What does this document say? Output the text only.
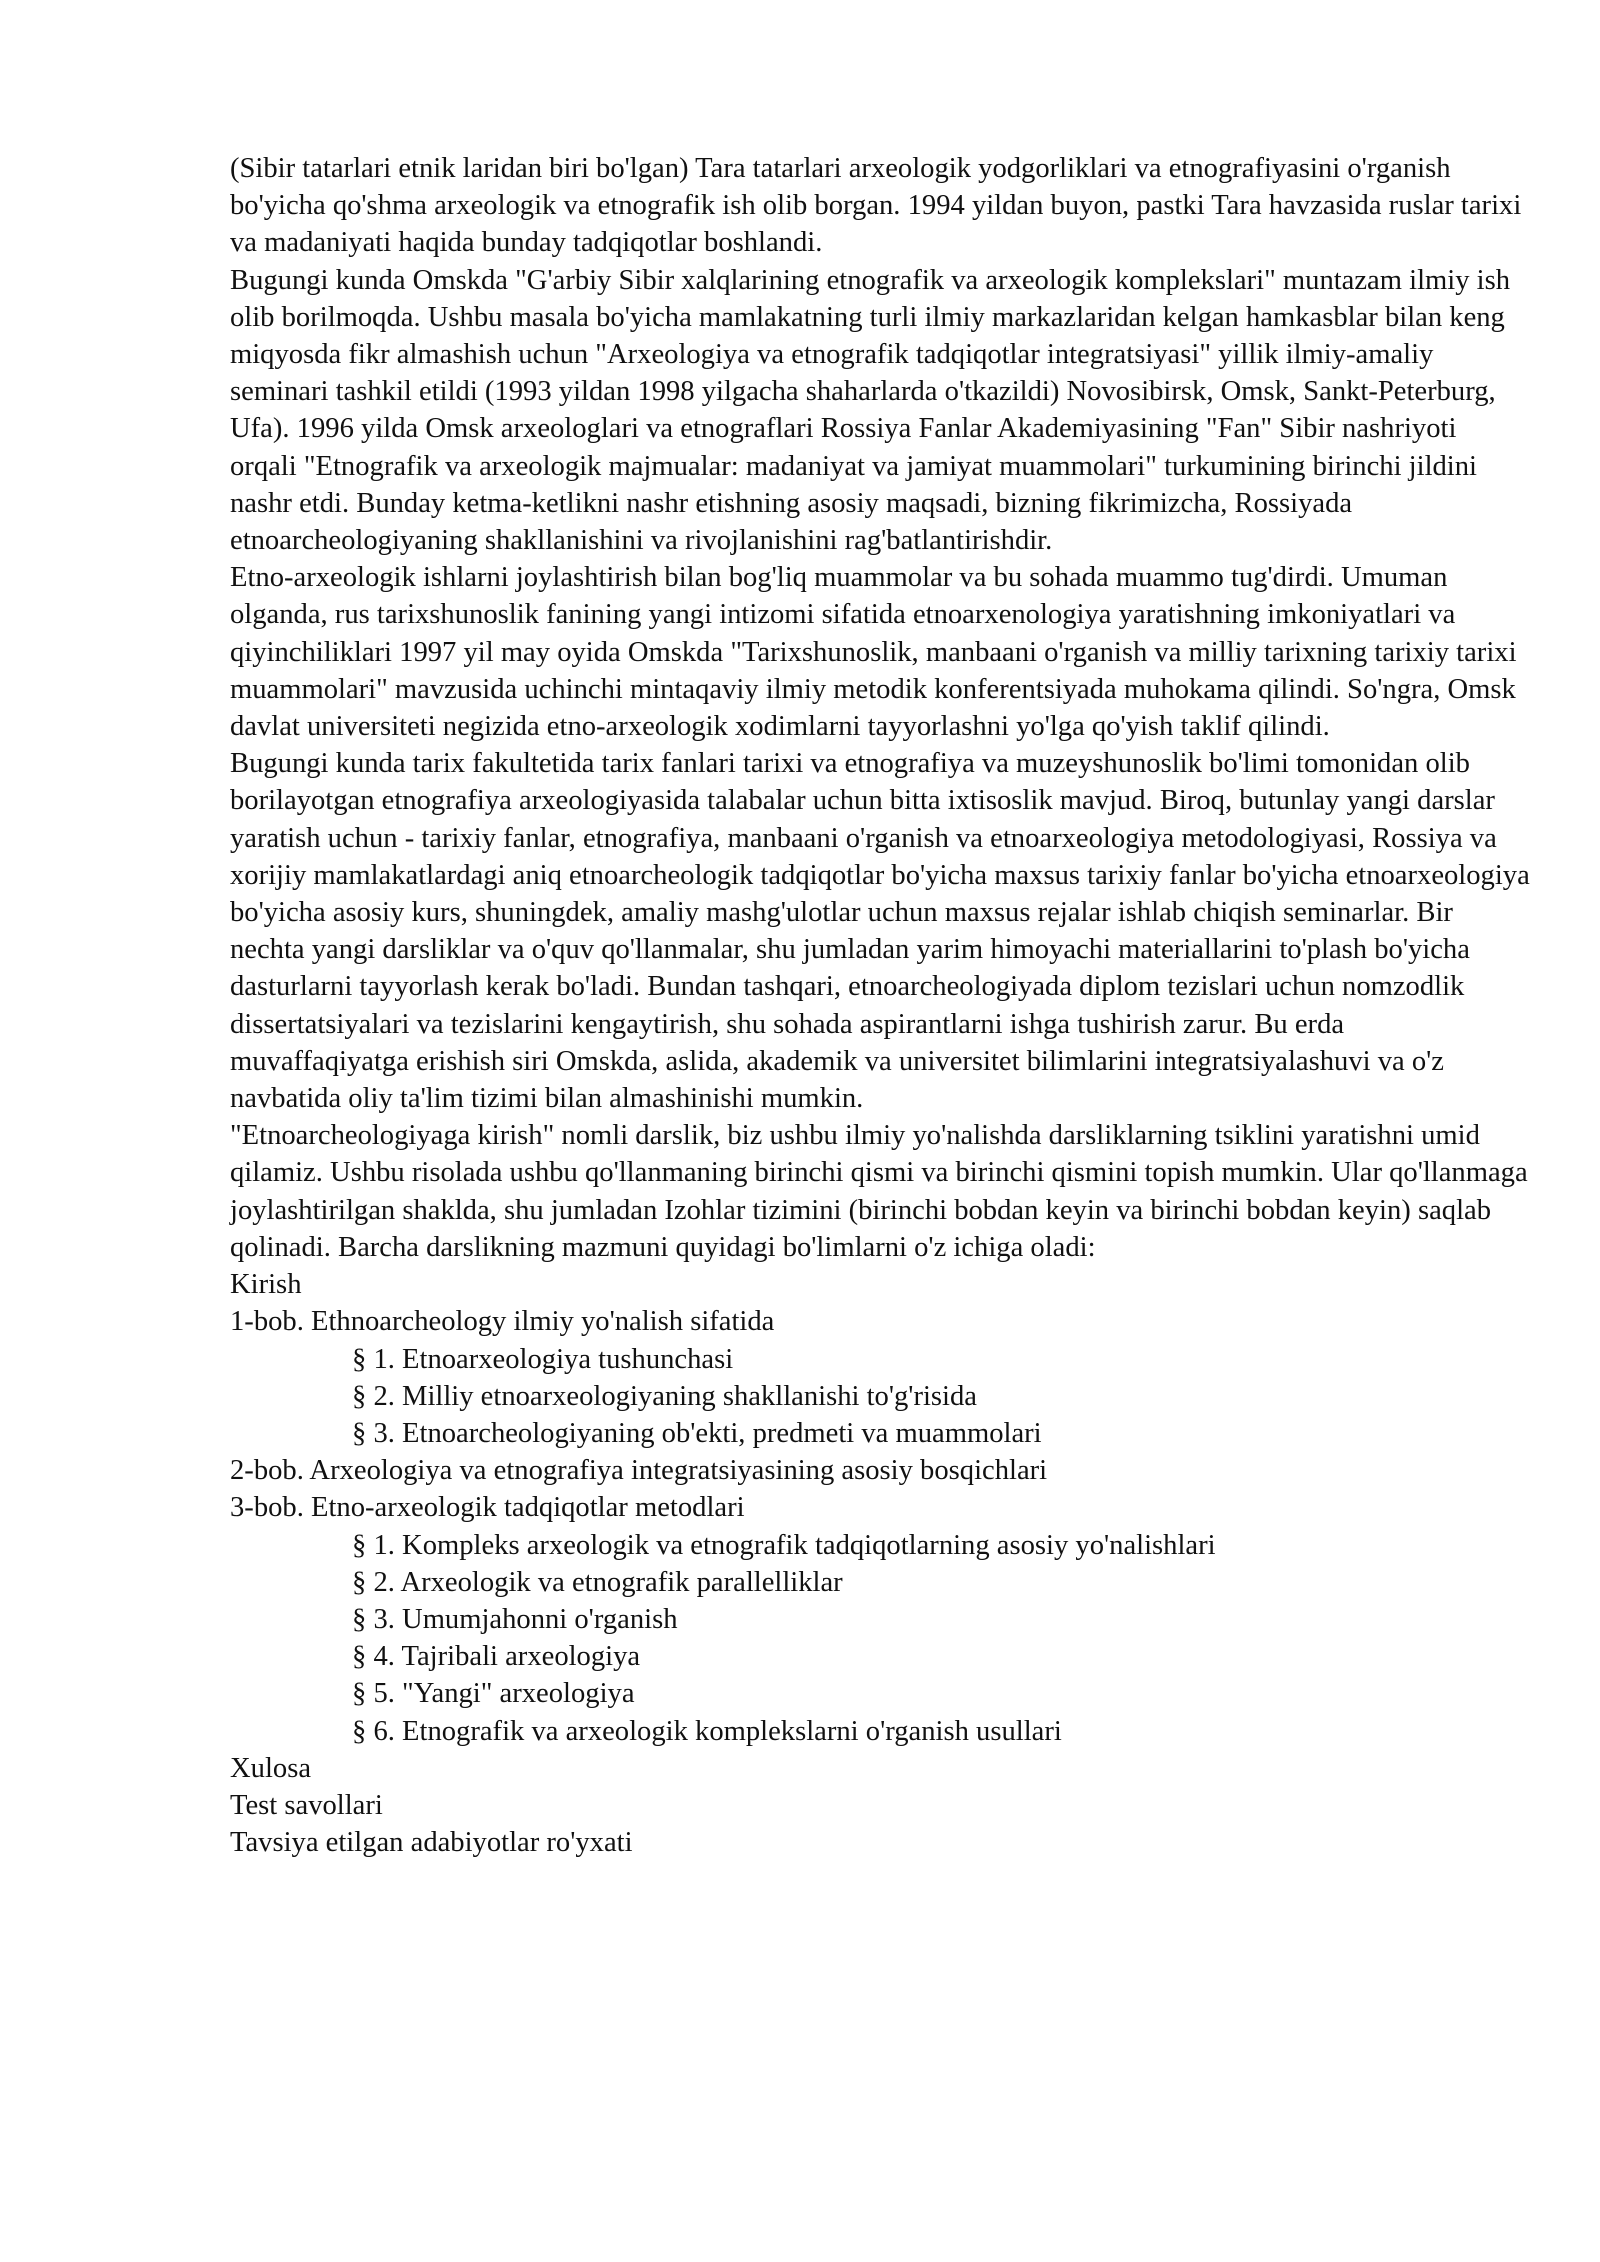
(Sibir tatarlari etnik laridan biri bo'lgan) Tara tatarlari arxeologik yodgorliklari va etnografiyasini o'rganish bo'yicha qo'shma arxeologik va etnografik ish olib borgan. 1994 yildan buyon, pastki Tara havzasida ruslar tarixi va madaniyati haqida bunday tadqiqotlar boshlandi.

Bugungi kunda Omskda "G'arbiy Sibir xalqlarining etnografik va arxeologik komplekslari" muntazam ilmiy ish olib borilmoqda. Ushbu masala bo'yicha mamlakatning turli ilmiy markazlaridan kelgan hamkasblar bilan keng miqyosda fikr almashish uchun "Arxeologiya va etnografik tadqiqotlar integratsiyasi" yillik ilmiy-amaliy seminari tashkil etildi (1993 yildan 1998 yilgacha shaharlarda o'tkazildi) Novosibirsk, Omsk, Sankt-Peterburg, Ufa). 1996 yilda Omsk arxeologlari va etnograflari Rossiya Fanlar Akademiyasining "Fan" Sibir nashriyoti orqali "Etnografik va arxeologik majmualar: madaniyat va jamiyat muammolari" turkumining birinchi jildini nashr etdi. Bunday ketma-ketlikni nashr etishning asosiy maqsadi, bizning fikrimizcha, Rossiyada etnoarcheologiyaning shakllanishini va rivojlanishini rag'batlantirishdir.

Etno-arxeologik ishlarni joylashtirish bilan bog'liq muammolar va bu sohada muammo tug'dirdi. Umuman olganda, rus tarixshunoslik fanining yangi intizomi sifatida etnoarxenologiya yaratishning imkoniyatlari va qiyinchiliklari 1997 yil may oyida Omskda "Tarixshunoslik, manbaani o'rganish va milliy tarixning tarixiy tarixi muammolari" mavzusida uchinchi mintaqaviy ilmiy metodik konferentsiyada muhokama qilindi. So'ngra, Omsk davlat universiteti negizida etno-arxeologik xodimlarni tayyorlashni yo'lga qo'yish taklif qilindi.

Bugungi kunda tarix fakultetida tarix fanlari tarixi va etnografiya va muzeyshunoslik bo'limi tomonidan olib borilayotgan etnografiya arxeologiyasida talabalar uchun bitta ixtisoslik mavjud. Biroq, butunlay yangi darslar yaratish uchun - tarixiy fanlar, etnografiya, manbaani o'rganish va etnoarxeologiya metodologiyasi, Rossiya va xorijiy mamlakatlardagi aniq etnoarcheologik tadqiqotlar bo'yicha maxsus tarixiy fanlar bo'yicha etnoarxeologiya bo'yicha asosiy kurs, shuningdek, amaliy mashg'ulotlar uchun maxsus rejalar ishlab chiqish seminarlar. Bir nechta yangi darsliklar va o'quv qo'llanmalar, shu jumladan yarim himoyachi materiallarini to'plash bo'yicha dasturlarni tayyorlash kerak bo'ladi. Bundan tashqari, etnoarcheologiyada diplom tezislari uchun nomzodlik dissertatsiyalari va tezislarini kengaytirish, shu sohada aspirantlarni ishga tushirish zarur. Bu erda muvaffaqiyatga erishish siri Omskda, aslida, akademik va universitet bilimlarini integratsiyalashuvi va o'z navbatida oliy ta'lim tizimi bilan almashinishi mumkin.

"Etnoarcheologiyaga kirish" nomli darslik, biz ushbu ilmiy yo'nalishda darsliklarning tsiklini yaratishni umid qilamiz. Ushbu risolada ushbu qo'llanmaning birinchi qismi va birinchi qismini topish mumkin. Ular qo'llanmaga joylashtirilgan shaklda, shu jumladan Izohlar tizimini (birinchi bobdan keyin va birinchi bobdan keyin) saqlab qolinadi. Barcha darslikning mazmuni quyidagi bo'limlarni o'z ichiga oladi:

Kirish
1-bob. Ethnoarcheology ilmiy yo'nalish sifatida
§ 1. Etnoarxeologiya tushunchasi
§ 2. Milliy etnoarxeologiyaning shakllanishi to'g'risida
§ 3. Etnoarcheologiyaning ob'ekti, predmeti va muammolari
2-bob. Arxeologiya va etnografiya integratsiyasining asosiy bosqichlari
3-bob. Etno-arxeologik tadqiqotlar metodlari
§ 1. Kompleks arxeologik va etnografik tadqiqotlarning asosiy yo'nalishlari
§ 2. Arxeologik va etnografik parallelliklar
§ 3. Umumjahonni o'rganish
§ 4. Tajribali arxeologiya
§ 5. "Yangi" arxeologiya
§ 6. Etnografik va arxeologik komplekslarni o'rganish usullari
Xulosa
Test savollari
Tavsiya etilgan adabiyotlar ro'yxati
